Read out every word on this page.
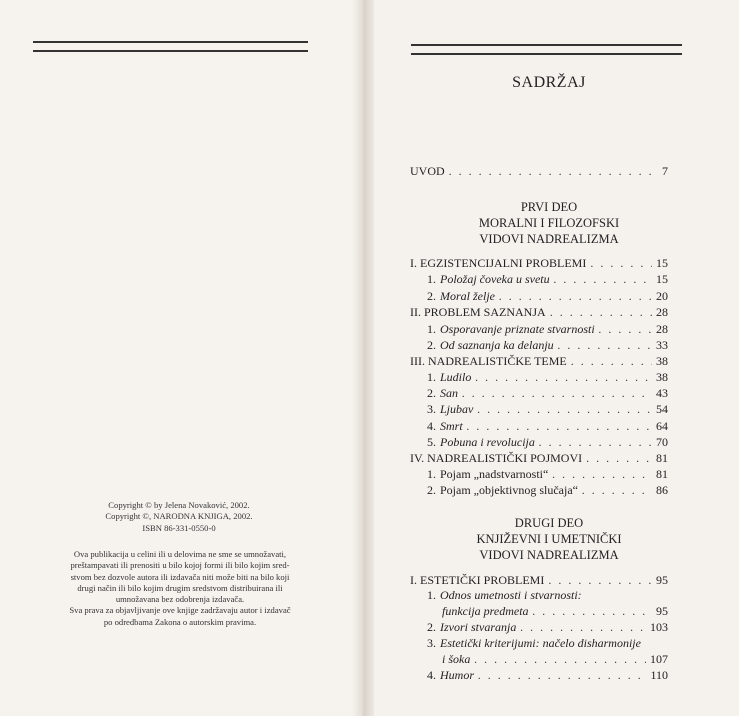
Copyright © by Jelena Novaković, 2002.
Copyright ©, NARODNA KNJIGA, 2002.
ISBN 86-331-0550-0
Ova publikacija u celini ili u delovima ne sme se umnožavati,
preštampavati ili prenositi u bilo kojoj formi ili bilo kojim sred-
stvom bez dozvole autora ili izdavača niti može biti na bilo koji
drugi način ili bilo kojim drugim sredstvom distribuirana ili
umnožavana bez odobrenja izdavača.
Sva prava za objavljivanje ove knjige zadržavaju autor i izdavač
po odredbama Zakona o autorskim pravima.
SADRŽAJ
UVOD . . .	7
PRVI DEO
MORALNI I FILOZOFSKI
VIDOVI NADREALIZMA
DRUGI DEO
KNJIŽEVNI I UMETNIČKI
VIDOVI NADREALIZMA
I. EGZISTENCIJALNI PROBLEMI . . .	15
1. Položaj čoveka u svetu . . .	15
2. Moral želje . . .	20
II. PROBLEM SAZNANJA . . .	28
1. Osporavanje priznate stvarnosti . . .	28
2. Od saznanja ka delanju . . .	33
III. NADREALISTIČKE TEME . . .	38
1. Ludilo . . .	38
2. San . . .	43
3. Ljubav . . .	54
4. Smrt . . .	64
5. Pobuna i revolucija . . .	70
IV. NADREALISTIČKI POJMOVI . . .	81
1. Pojam „nadstvarnosti“ . . .	81
2. Pojam „objektivnog slučaja“ . . .	86
I. ESTETIČKI PROBLEMI . . .	95
1. Odnos umetnosti i stvarnosti:
funkcija predmeta . . .	95
2. Izvori stvaranja . . .	103
3. Estetički kriterijumi: načelo disharmonije
i šoka . . .	107
4. Humor . . .	110
